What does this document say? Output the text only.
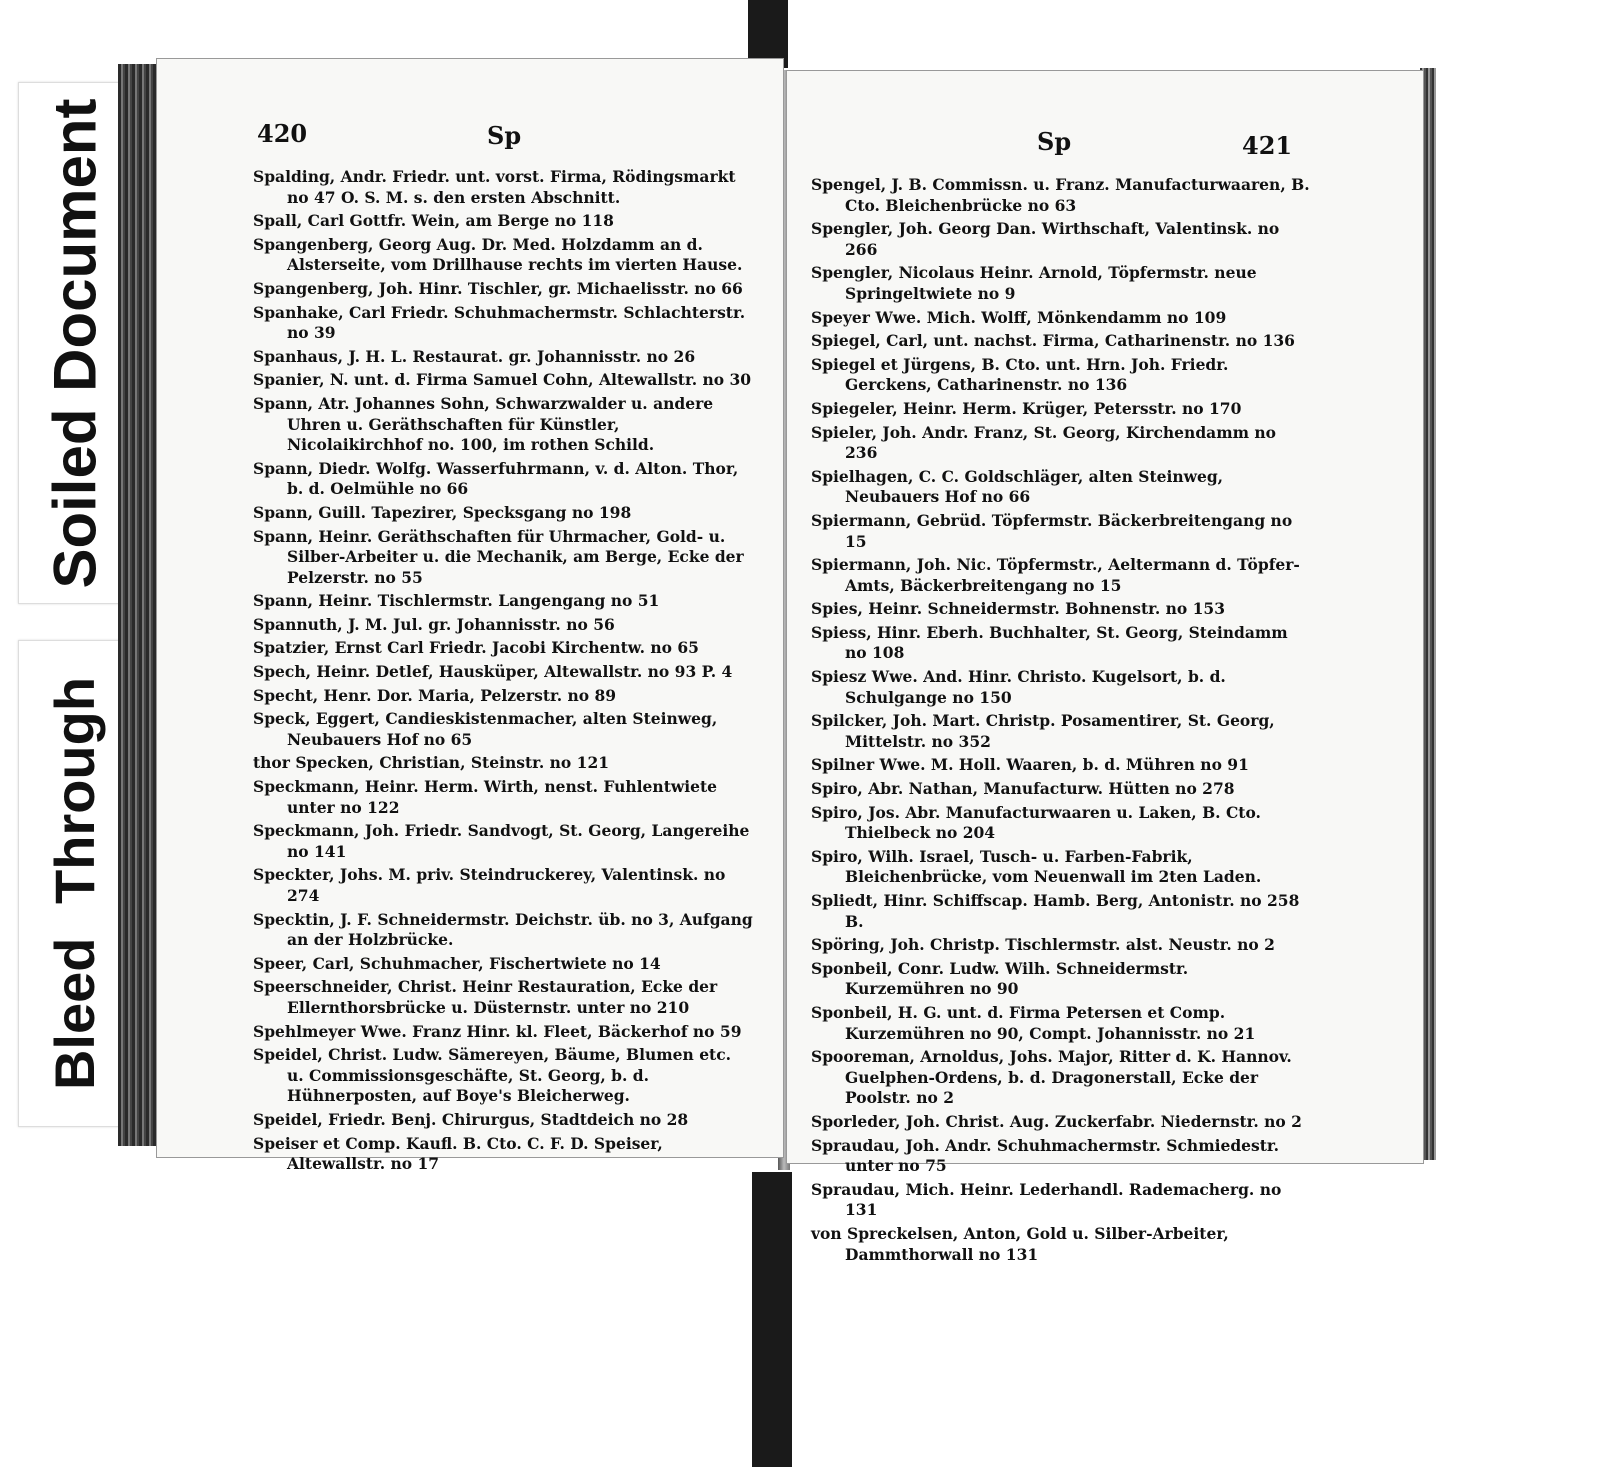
Soiled Document
Bleed Through
420	Sp
Spalding, Andr. Friedr. unt. vorst. Firma, Rödingsmarkt no 47 O. S. M. s. den ersten Abschnitt.
Spall, Carl Gottfr. Wein, am Berge no 118
Spangenberg, Georg Aug. Dr. Med. Holzdamm an d. Alsterseite, vom Drillhause rechts im vierten Hause.
Spangenberg, Joh. Hinr. Tischler, gr. Michaelisstr. no 66
Spanhake, Carl Friedr. Schuhmachermstr. Schlachterstr. no 39
Spanhaus, J. H. L. Restaurat. gr. Johannisstr. no 26
Spanier, N. unt. d. Firma Samuel Cohn, Altewallstr. no 30
Spann, Atr. Johannes Sohn, Schwarzwalder u. andere Uhren u. Geräthschaften für Künstler, Nicolaikirchhof no. 100, im rothen Schild.
Spann, Diedr. Wolfg. Wasserfuhrmann, v. d. Alton. Thor, b. d. Oelmühle no 66
Spann, Guill. Tapezirer, Specksgang no 198
Spann, Heinr. Geräthschaften für Uhrmacher, Gold- u. Silber-Arbeiter u. die Mechanik, am Berge, Ecke der Pelzerstr. no 55
Spann, Heinr. Tischlermstr. Langengang no 51
Spannuth, J. M. Jul. gr. Johannisstr. no 56
Spatzier, Ernst Carl Friedr. Jacobi Kirchentw. no 65
Spech, Heinr. Detlef, Hausküper, Altewallstr. no 93 P. 4
Specht, Henr. Dor. Maria, Pelzerstr. no 89
Speck, Eggert, Candieskistenmacher, alten Steinweg, Neubauers Hof no 65
thor Specken, Christian, Steinstr. no 121
Speckmann, Heinr. Herm. Wirth, nenst. Fuhlentwiete unter no 122
Speckmann, Joh. Friedr. Sandvogt, St. Georg, Langereihe no 141
Speckter, Johs. M. priv. Steindruckerey, Valentinsk. no 274
Specktin, J. F. Schneidermstr. Deichstr. üb. no 3, Aufgang an der Holzbrücke.
Speer, Carl, Schuhmacher, Fischertwiete no 14
Speerschneider, Christ. Heinr Restauration, Ecke der Ellernthorsbrücke u. Düsternstr. unter no 210
Spehlmeyer Wwe. Franz Hinr. kl. Fleet, Bäckerhof no 59
Speidel, Christ. Ludw. Sämereyen, Bäume, Blumen etc. u. Commissionsgeschäfte, St. Georg, b. d. Hühnerposten, auf Boye's Bleicherweg.
Speidel, Friedr. Benj. Chirurgus, Stadtdeich no 28
Speiser et Comp. Kaufl. B. Cto. C. F. D. Speiser, Altewallstr. no 17
Sp	421
Spengel, J. B. Commissn. u. Franz. Manufacturwaaren, B. Cto. Bleichenbrücke no 63
Spengler, Joh. Georg Dan. Wirthschaft, Valentinsk. no 266
Spengler, Nicolaus Heinr. Arnold, Töpfermstr. neue Springeltwiete no 9
Speyer Wwe. Mich. Wolff, Mönkendamm no 109
Spiegel, Carl, unt. nachst. Firma, Catharinenstr. no 136
Spiegel et Jürgens, B. Cto. unt. Hrn. Joh. Friedr. Gerckens, Catharinenstr. no 136
Spiegeler, Heinr. Herm. Krüger, Petersstr. no 170
Spieler, Joh. Andr. Franz, St. Georg, Kirchendamm no 236
Spielhagen, C. C. Goldschläger, alten Steinweg, Neubauers Hof no 66
Spiermann, Gebrüd. Töpfermstr. Bäckerbreitengang no 15
Spiermann, Joh. Nic. Töpfermstr., Aeltermann d. Töpfer-Amts, Bäckerbreitengang no 15
Spies, Heinr. Schneidermstr. Bohnenstr. no 153
Spiess, Hinr. Eberh. Buchhalter, St. Georg, Steindamm no 108
Spiesz Wwe. And. Hinr. Christo. Kugelsort, b. d. Schulgange no 150
Spilcker, Joh. Mart. Christp. Posamentirer, St. Georg, Mittelstr. no 352
Spilner Wwe. M. Holl. Waaren, b. d. Mühren no 91
Spiro, Abr. Nathan, Manufacturw. Hütten no 278
Spiro, Jos. Abr. Manufacturwaaren u. Laken, B. Cto. Thielbeck no 204
Spiro, Wilh. Israel, Tusch- u. Farben-Fabrik, Bleichenbrücke, vom Neuenwall im 2ten Laden.
Spliedt, Hinr. Schiffscap. Hamb. Berg, Antonistr. no 258 B.
Spöring, Joh. Christp. Tischlermstr. alst. Neustr. no 2
Sponbeil, Conr. Ludw. Wilh. Schneidermstr. Kurzemühren no 90
Sponbeil, H. G. unt. d. Firma Petersen et Comp. Kurzemühren no 90, Compt. Johannisstr. no 21
Spooreman, Arnoldus, Johs. Major, Ritter d. K. Hannov. Guelphen-Ordens, b. d. Dragonerstall, Ecke der Poolstr. no 2
Sporleder, Joh. Christ. Aug. Zuckerfabr. Niedernstr. no 2
Spraudau, Joh. Andr. Schuhmachermstr. Schmiedestr. unter no 75
Spraudau, Mich. Heinr. Lederhandl. Rademacherg. no 131
von Spreckelsen, Anton, Gold u. Silber-Arbeiter, Dammthorwall no 131
